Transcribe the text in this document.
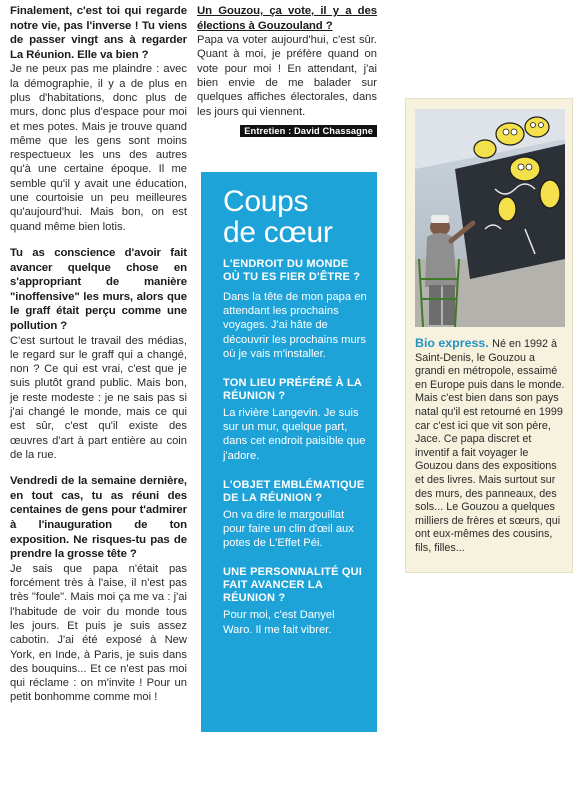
Finalement, c'est toi qui regarde notre vie, pas l'inverse ! Tu viens de passer vingt ans à regarder La Réunion. Elle va bien ?

Je ne peux pas me plaindre : avec la démographie, il y a de plus en plus d'habitations, donc plus de murs, donc plus d'espace pour moi et mes potes. Mais je trouve quand même que les gens sont moins respectueux les uns des autres qu'à une certaine époque. Il me semble qu'il y avait une éducation, une courtoisie un peu meilleures qu'aujourd'hui. Mais bon, on est quand même bien lotis.

Tu as conscience d'avoir fait avancer quelque chose en s'appropriant de manière "inoffensive" les murs, alors que le graff était perçu comme une pollution ?

C'est surtout le travail des médias, le regard sur le graff qui a changé, non ? Ce qui est vrai, c'est que je suis plutôt grand public. Mais bon, je reste modeste : je ne sais pas si j'ai changé le monde, mais ce qui est sûr, c'est qu'il existe des œuvres d'art à part entière au coin de la rue.

Vendredi de la semaine dernière, en tout cas, tu as réuni des centaines de gens pour t'admirer à l'inauguration de ton exposition. Ne risques-tu pas de prendre la grosse tête ?

Je sais que papa n'était pas forcément très à l'aise, il n'est pas très "foule". Mais moi ça me va : j'ai l'habitude de voir du monde tous les jours. Et puis je suis assez cabotin. J'ai été exposé à New York, en Inde, à Paris, je suis dans des bouquins... Et ce n'est pas moi qui réclame : on m'invite ! Pour un petit bonhomme comme moi !

Un Gouzou, ça vote, il y a des élections à Gouzouland ?

Papa va voter aujourd'hui, c'est sûr. Quant à moi, je préfère quand on vote pour moi ! En attendant, j'ai bien envie de me balader sur quelques affiches électorales, dans les jours qui viennent.

Entretien : David Chassagne
Coups
de cœur

L'ENDROIT DU MONDE OÙ TU ES FIER D'ÊTRE ?

Dans la tête de mon papa en attendant les prochains voyages. J'ai hâte de découvrir les prochains murs où je vais m'installer.

TON LIEU PRÉFÉRÉ À LA RÉUNION ?

La rivière Langevin. Je suis sur un mur, quelque part, dans cet endroit paisible que j'adore.

L'OBJET EMBLÉMATIQUE DE LA RÉUNION ?

On va dire le margouillat pour faire un clin d'œil aux potes de L'Effet Péi.

UNE PERSONNALITÉ QUI FAIT AVANCER LA RÉUNION ?

Pour moi, c'est Danyel Waro. Il me fait vibrer.

Bio express. Né en 1992 à Saint-Denis, le Gouzou a grandi en métropole, essaimé en Europe puis dans le monde. Mais c'est bien dans son pays natal qu'il est retourné en 1999 car c'est ici que vit son père, Jace. Ce papa discret et inventif a fait voyager le Gouzou dans des expositions et des livres. Mais surtout sur des murs, des panneaux, des sols... Le Gouzou a quelques milliers de frères et sœurs, qui ont eux-mêmes des cousins, fils, filles...
